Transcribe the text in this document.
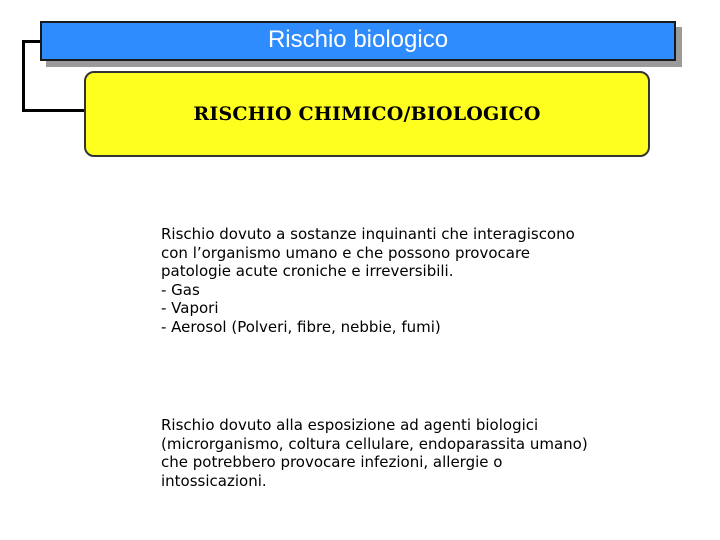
Rischio biologico
RISCHIO CHIMICO/BIOLOGICO
Rischio dovuto a sostanze inquinanti che interagiscono
con l’organismo umano e che possono provocare
patologie acute croniche e irreversibili.
- Gas
- Vapori
- Aerosol (Polveri, fibre, nebbie, fumi)
Rischio dovuto alla esposizione ad agenti biologici
(microrganismo, coltura cellulare, endoparassita umano)
che potrebbero provocare infezioni, allergie o
intossicazioni.
